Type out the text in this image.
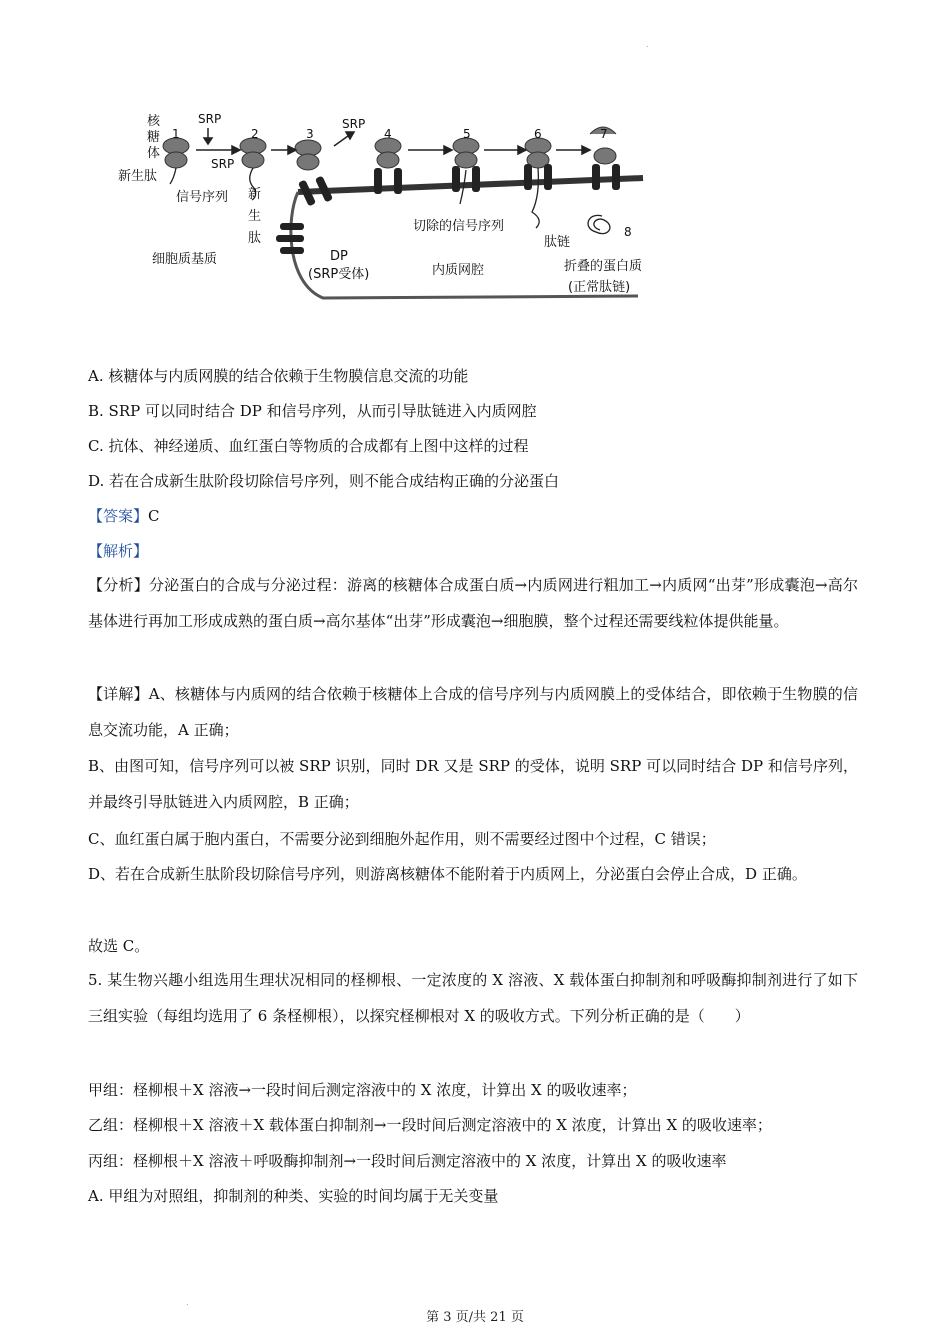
.
核
糖
体
新生肽
信号序列
SRP
SRP
SRP
新
生
肽
细胞质基质	DP
(SRP受体)	内质网腔
切除的信号序列
肽链
折叠的蛋白质
(正常肽链)
1	2	3	4	5	6	7
8
A. 核糖体与内质网膜的结合依赖于生物膜信息交流的功能
B. SRP 可以同时结合 DP 和信号序列，从而引导肽链进入内质网腔
C. 抗体、神经递质、血红蛋白等物质的合成都有上图中这样的过程
D. 若在合成新生肽阶段切除信号序列，则不能合成结构正确的分泌蛋白
【答案】C
【解析】
【分析】分泌蛋白的合成与分泌过程：游离的核糖体合成蛋白质→内质网进行粗加工→内质网“出芽”形成囊泡→高尔基体进行再加工形成成熟的蛋白质→高尔基体“出芽”形成囊泡→细胞膜，整个过程还需要线粒体提供能量。
【详解】A、核糖体与内质网的结合依赖于核糖体上合成的信号序列与内质网膜上的受体结合，即依赖于生物膜的信息交流功能，A 正确；
B、由图可知，信号序列可以被 SRP 识别，同时 DR 又是 SRP 的受体，说明 SRP 可以同时结合 DP 和信号序列，并最终引导肽链进入内质网腔，B 正确；
C、血红蛋白属于胞内蛋白，不需要分泌到细胞外起作用，则不需要经过图中个过程，C 错误；
D、若在合成新生肽阶段切除信号序列，则游离核糖体不能附着于内质网上，分泌蛋白会停止合成，D 正确。
故选 C。
5. 某生物兴趣小组选用生理状况相同的柽柳根、一定浓度的 X 溶液、X 载体蛋白抑制剂和呼吸酶抑制剂进行了如下三组实验（每组均选用了 6 条柽柳根），以探究柽柳根对 X 的吸收方式。下列分析正确的是（　　）
甲组：柽柳根＋X 溶液→一段时间后测定溶液中的 X 浓度，计算出 X 的吸收速率；
乙组：柽柳根＋X 溶液＋X 载体蛋白抑制剂→一段时间后测定溶液中的 X 浓度，计算出 X 的吸收速率；
丙组：柽柳根＋X 溶液＋呼吸酶抑制剂→一段时间后测定溶液中的 X 浓度，计算出 X 的吸收速率
A. 甲组为对照组，抑制剂的种类、实验的时间均属于无关变量
.
第 3 页/共 21 页
